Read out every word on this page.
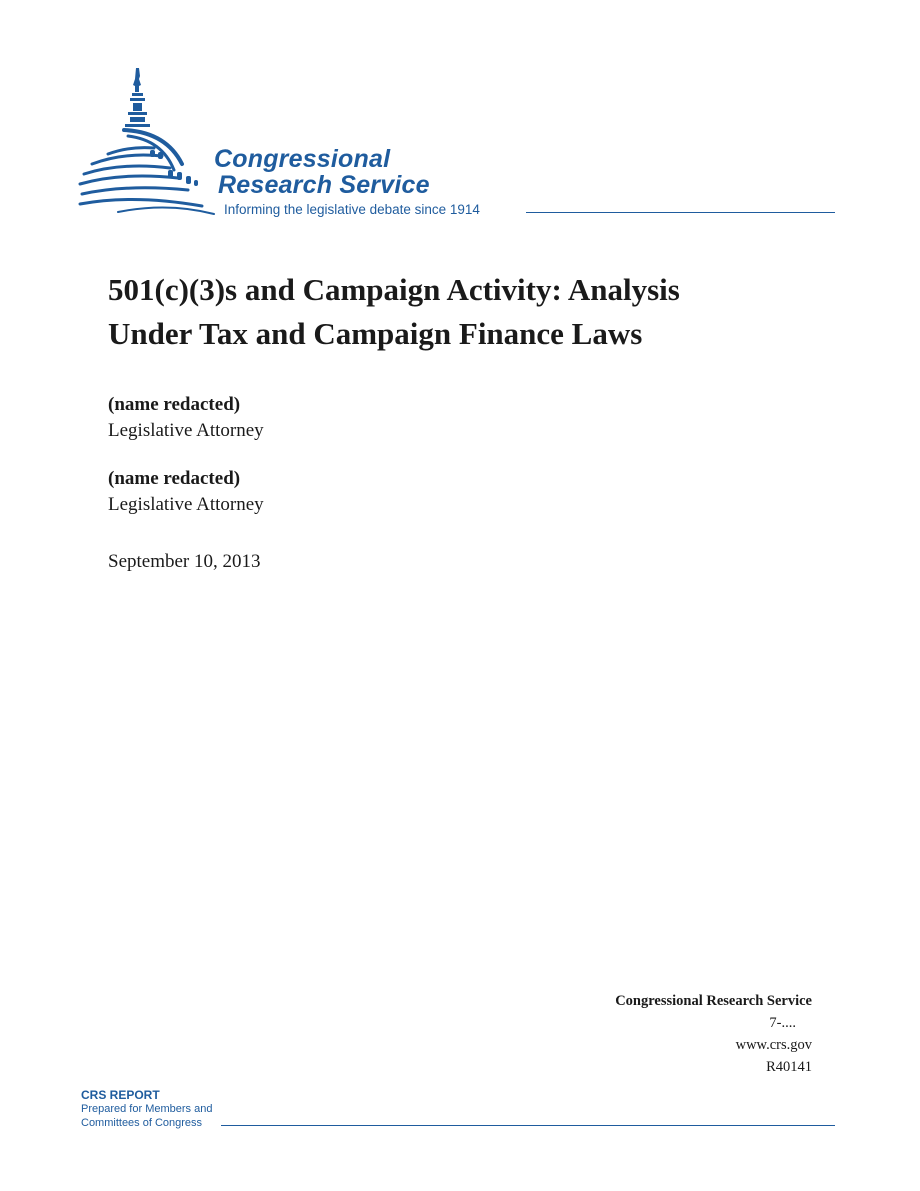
Congressional
Research Service
Informing the legislative debate since 1914
501(c)(3)s and Campaign Activity: Analysis
Under Tax and Campaign Finance Laws
(name redacted)
Legislative Attorney
(name redacted)
Legislative Attorney
September 10, 2013
Congressional Research Service
7-....
www.crs.gov
R40141
CRS REPORT
Prepared for Members and
Committees of Congress
